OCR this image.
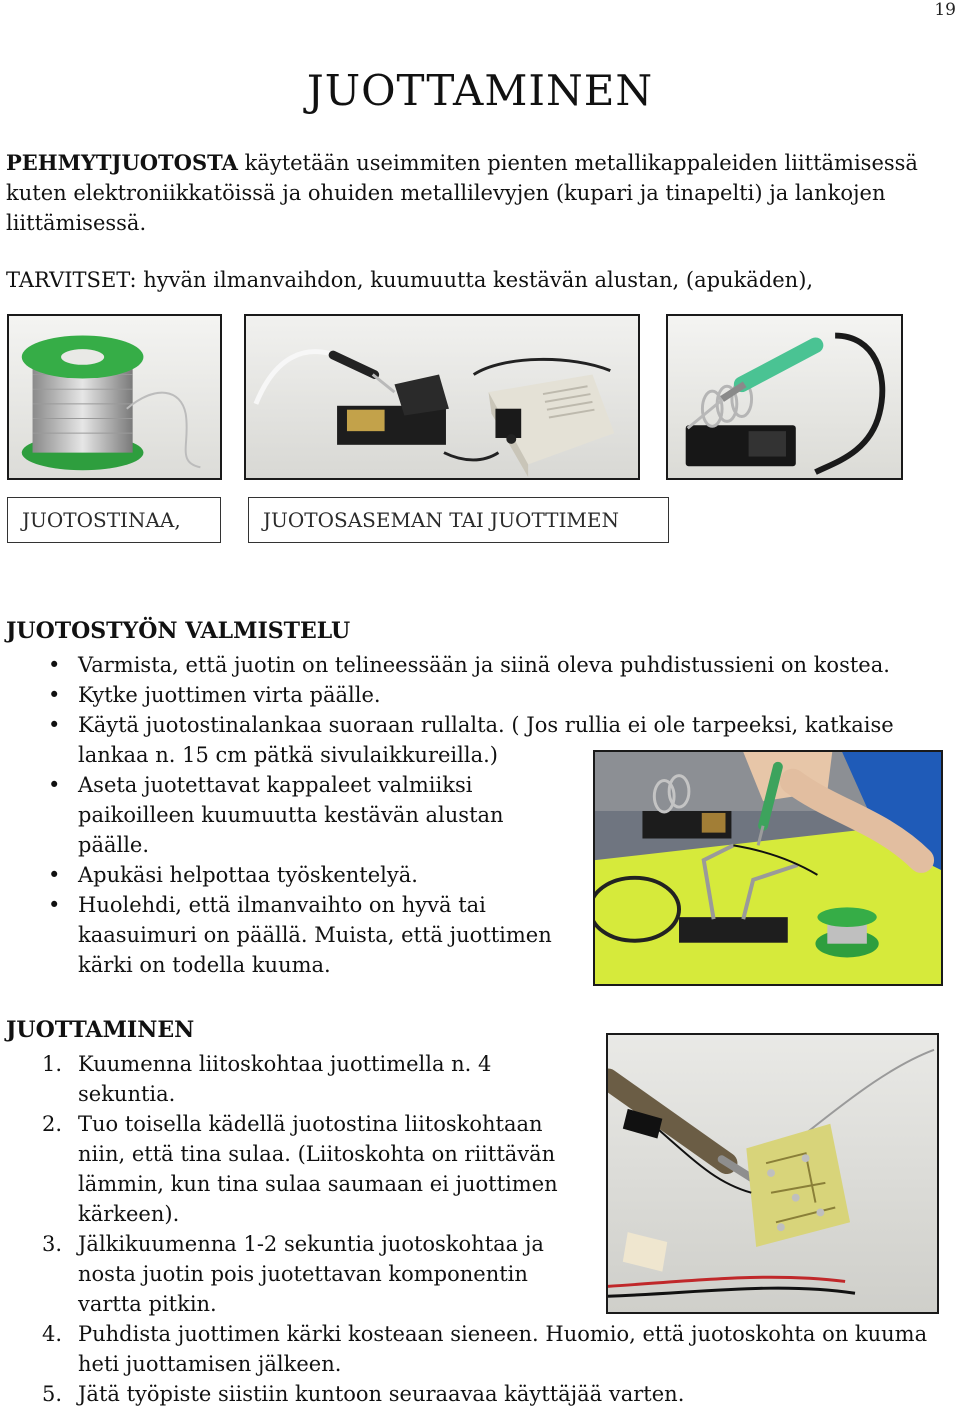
19
JUOTTAMINEN

PEHMYTJUOTOSTA käytetään useimmiten pienten metallikappaleiden liittämisessä kuten elektroniikkatöissä ja ohuiden metallilevyjen (kupari ja tinapelti) ja lankojen liittämisessä.

TARVITSET: hyvän ilmanvaihdon, kuumuutta kestävän alustan, (apukäden),

JUOTOSTINAA,	JUOTOSASEMAN TAI JUOTTIMEN
JUOTOSTYÖN VALMISTELU
• Varmista, että juotin on telineessään ja siinä oleva puhdistussieni on kostea.
• Kytke juottimen virta päälle.
• Käytä juotostinalankaa suoraan rullalta. ( Jos rullia ei ole tarpeeksi, katkaise lankaa n. 15 cm pätkä sivulaikkureilla.)
• Aseta juotettavat kappaleet valmiiksi paikoilleen kuumuutta kestävän alustan päälle.
• Apukäsi helpottaa työskentelyä.
• Huolehdi, että ilmanvaihto on hyvä tai kaasuimuri on päällä. Muista, että juottimen kärki on todella kuuma.
JUOTTAMINEN
1. Kuumenna liitoskohtaa juottimella n. 4 sekuntia.
2. Tuo toisella kädellä juotostina liitoskohtaan niin, että tina sulaa. (Liitoskohta on riittävän lämmin, kun tina sulaa saumaan ei juottimen kärkeen).
3. Jälkikuumenna 1-2 sekuntia juotoskohtaa ja nosta juotin pois juotettavan komponentin vartta pitkin.
4. Puhdista juottimen kärki kosteaan sieneen. Huomio, että juotoskohta on kuuma heti juottamisen jälkeen.
5. Jätä työpiste siistiin kuntoon seuraavaa käyttäjää varten.
